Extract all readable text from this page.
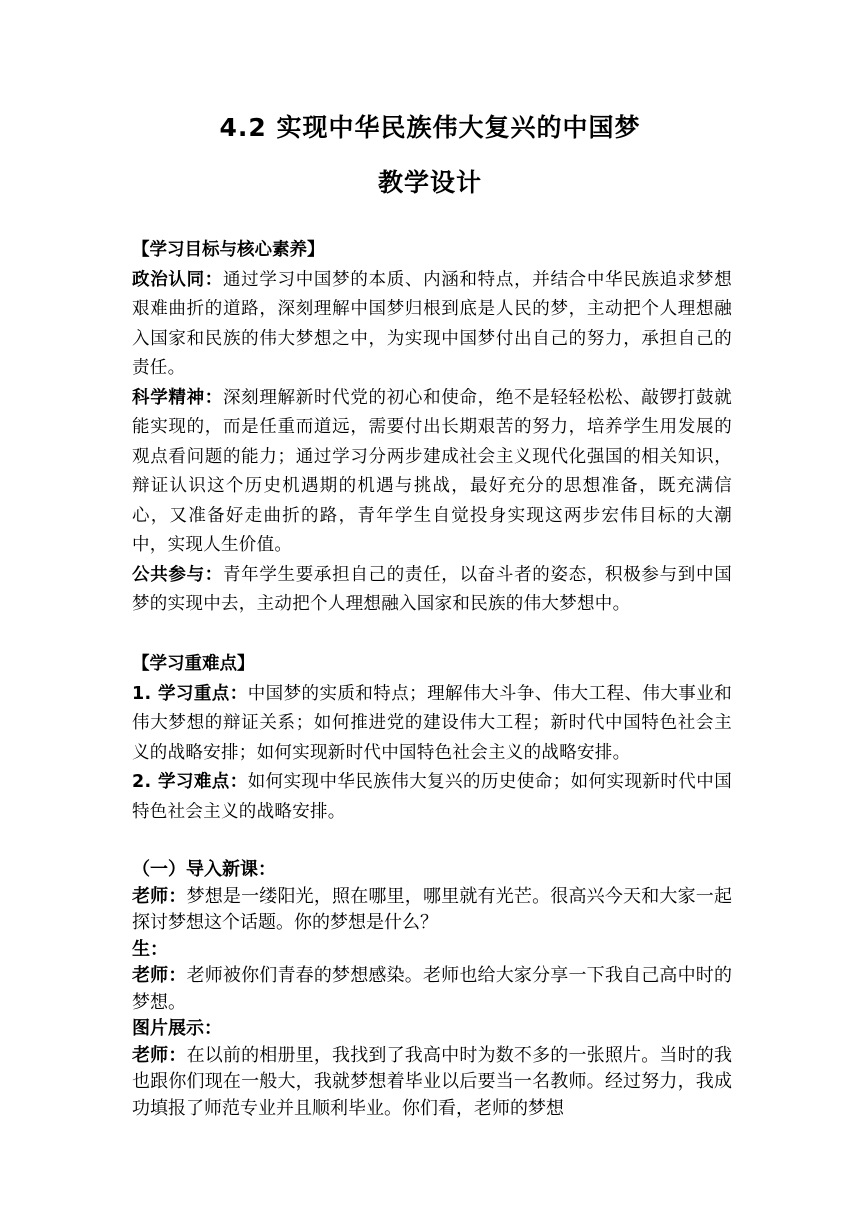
4.2 实现中华民族伟大复兴的中国梦
教学设计

【学习目标与核心素养】

政治认同：通过学习中国梦的本质、内涵和特点，并结合中华民族追求梦想艰难曲折的道路，深刻理解中国梦归根到底是人民的梦，主动把个人理想融入国家和民族的伟大梦想之中，为实现中国梦付出自己的努力，承担自己的责任。

科学精神：深刻理解新时代党的初心和使命，绝不是轻轻松松、敲锣打鼓就能实现的，而是任重而道远，需要付出长期艰苦的努力，培养学生用发展的观点看问题的能力；通过学习分两步建成社会主义现代化强国的相关知识，辩证认识这个历史机遇期的机遇与挑战，最好充分的思想准备，既充满信心，又准备好走曲折的路，青年学生自觉投身实现这两步宏伟目标的大潮中，实现人生价值。

公共参与：青年学生要承担自己的责任，以奋斗者的姿态，积极参与到中国梦的实现中去，主动把个人理想融入国家和民族的伟大梦想中。

【学习重难点】

1. 学习重点：中国梦的实质和特点；理解伟大斗争、伟大工程、伟大事业和伟大梦想的辩证关系；如何推进党的建设伟大工程；新时代中国特色社会主义的战略安排；如何实现新时代中国特色社会主义的战略安排。

2. 学习难点：如何实现中华民族伟大复兴的历史使命；如何实现新时代中国特色社会主义的战略安排。

（一）导入新课：

老师：梦想是一缕阳光，照在哪里，哪里就有光芒。很高兴今天和大家一起探讨梦想这个话题。你的梦想是什么？

生：

老师：老师被你们青春的梦想感染。老师也给大家分享一下我自己高中时的梦想。

图片展示：

老师：在以前的相册里，我找到了我高中时为数不多的一张照片。当时的我也跟你们现在一般大，我就梦想着毕业以后要当一名教师。经过努力，我成功填报了师范专业并且顺利毕业。你们看，老师的梦想
